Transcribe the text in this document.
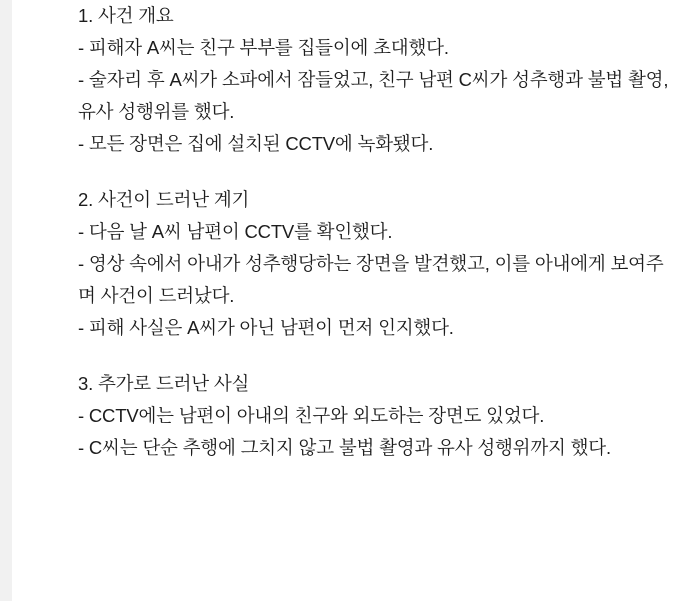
1. 사건 개요
- 피해자 A씨는 친구 부부를 집들이에 초대했다.
- 술자리 후 A씨가 소파에서 잠들었고, 친구 남편 C씨가 성추행과 불법 촬영, 유사 성행위를 했다.
- 모든 장면은 집에 설치된 CCTV에 녹화됐다.
2. 사건이 드러난 계기
- 다음 날 A씨 남편이 CCTV를 확인했다.
- 영상 속에서 아내가 성추행당하는 장면을 발견했고, 이를 아내에게 보여주며 사건이 드러났다.
- 피해 사실은 A씨가 아닌 남편이 먼저 인지했다.
3. 추가로 드러난 사실
- CCTV에는 남편이 아내의 친구와 외도하는 장면도 있었다.
- C씨는 단순 추행에 그치지 않고 불법 촬영과 유사 성행위까지 했다.
